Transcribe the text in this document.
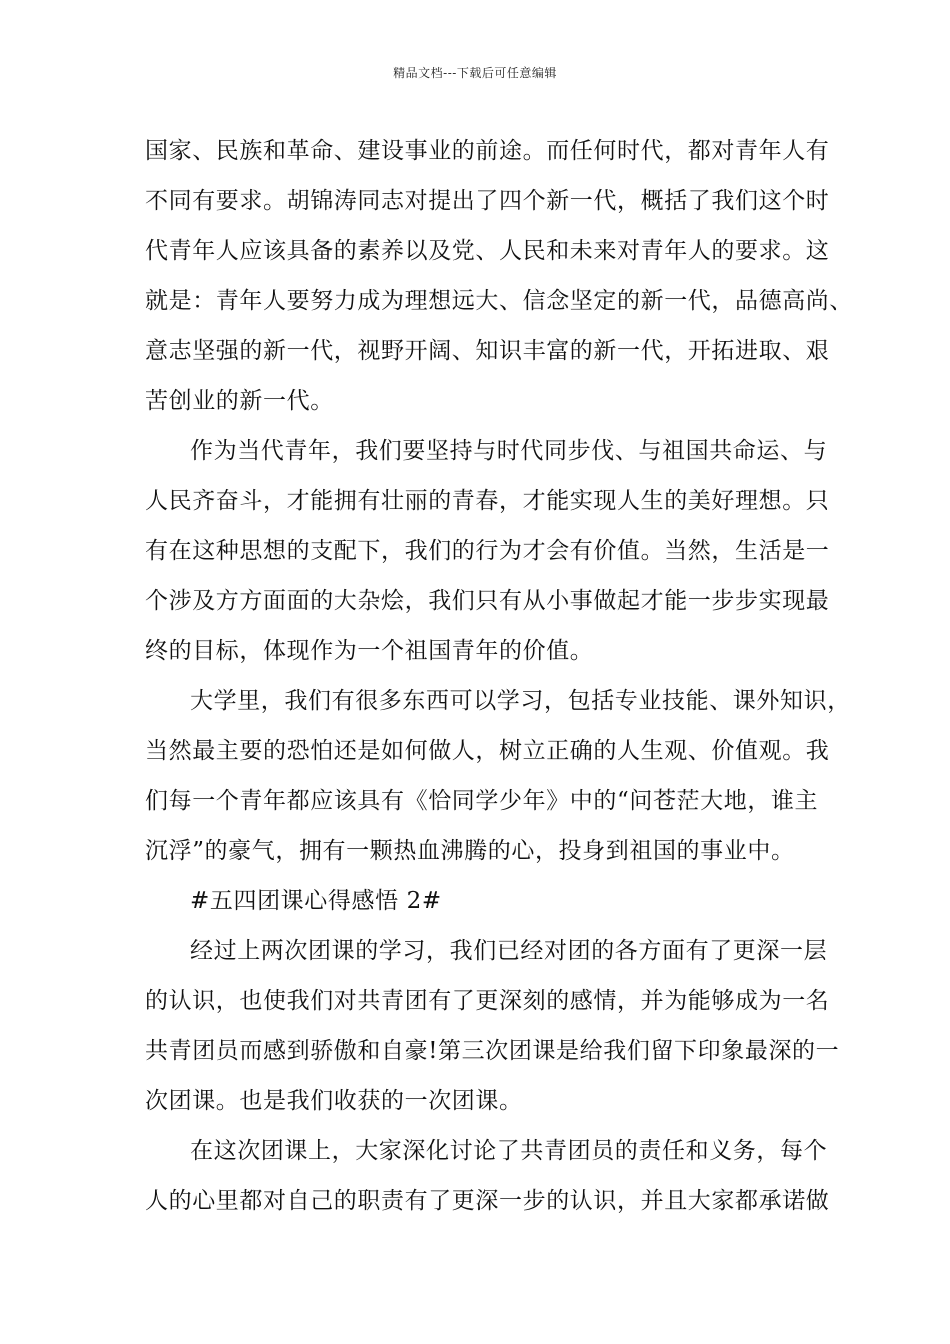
精品文档---下载后可任意编辑
国家、民族和革命、建设事业的前途。而任何时代，都对青年人有
不同有要求。胡锦涛同志对提出了四个新一代，概括了我们这个时
代青年人应该具备的素养以及党、人民和未来对青年人的要求。这
就是：青年人要努力成为理想远大、信念坚定的新一代，品德高尚、
意志坚强的新一代，视野开阔、知识丰富的新一代，开拓进取、艰
苦创业的新一代。
作为当代青年，我们要坚持与时代同步伐、与祖国共命运、与
人民齐奋斗，才能拥有壮丽的青春，才能实现人生的美好理想。只
有在这种思想的支配下，我们的行为才会有价值。当然，生活是一
个涉及方方面面的大杂烩，我们只有从小事做起才能一步步实现最
终的目标，体现作为一个祖国青年的价值。
大学里，我们有很多东西可以学习，包括专业技能、课外知识，
当然最主要的恐怕还是如何做人，树立正确的人生观、价值观。我
们每一个青年都应该具有《恰同学少年》中的“问苍茫大地，谁主
沉浮”的豪气，拥有一颗热血沸腾的心，投身到祖国的事业中。
#五四团课心得感悟 2#
经过上两次团课的学习，我们已经对团的各方面有了更深一层
的认识，也使我们对共青团有了更深刻的感情，并为能够成为一名
共青团员而感到骄傲和自豪!第三次团课是给我们留下印象最深的一
次团课。也是我们收获的一次团课。
在这次团课上，大家深化讨论了共青团员的责任和义务，每个
人的心里都对自己的职责有了更深一步的认识，并且大家都承诺做
